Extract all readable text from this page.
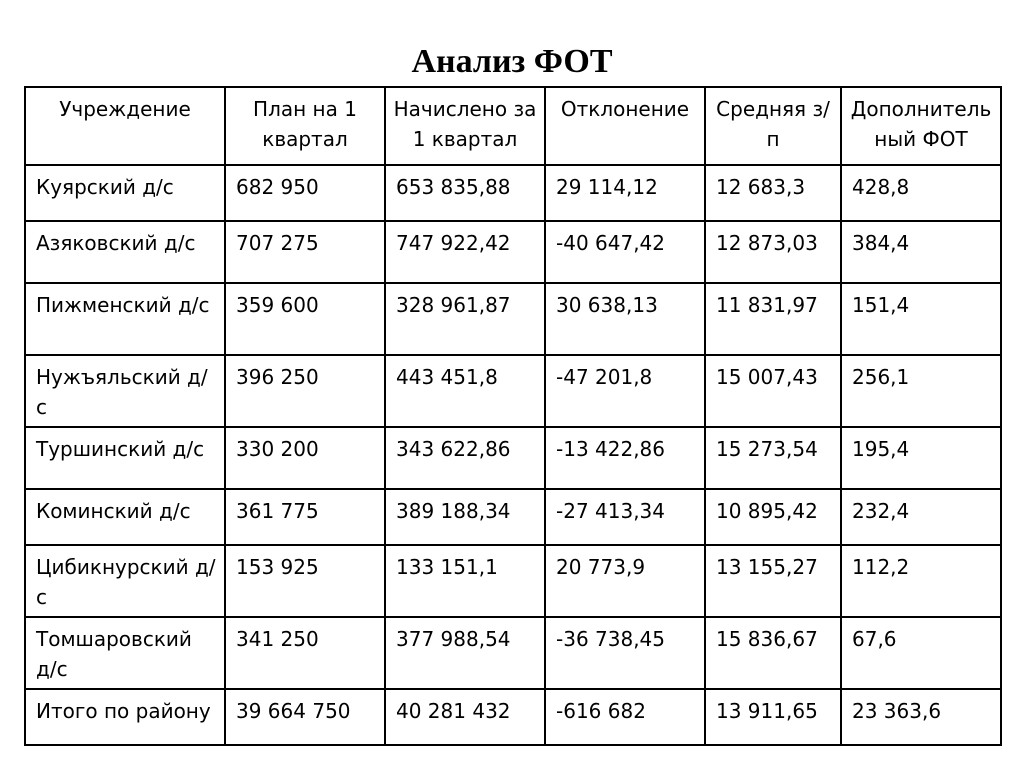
Анализ ФОТ
Учреждение	План на 1 квартал	Начислено за 1 квартал	Отклонение	Средняя з/п	Дополнительный ФОТ
Куярский д/с	682 950	653 835,88	29 114,12	12 683,3	428,8
Азяковский д/с	707 275	747 922,42	-40 647,42	12 873,03	384,4
Пижменский д/с	359 600	328 961,87	30 638,13	11 831,97	151,4
Нужъяльский д/с	396 250	443 451,8	-47 201,8	15 007,43	256,1
Туршинский д/с	330 200	343 622,86	-13 422,86	15 273,54	195,4
Коминский д/с	361 775	389 188,34	-27 413,34	10 895,42	232,4
Цибикнурский д/с	153 925	133 151,1	20 773,9	13 155,27	112,2
Томшаровский д/с	341 250	377 988,54	-36 738,45	15 836,67	67,6
Итого по району	39 664 750	40 281 432	-616 682	13 911,65	23 363,6
